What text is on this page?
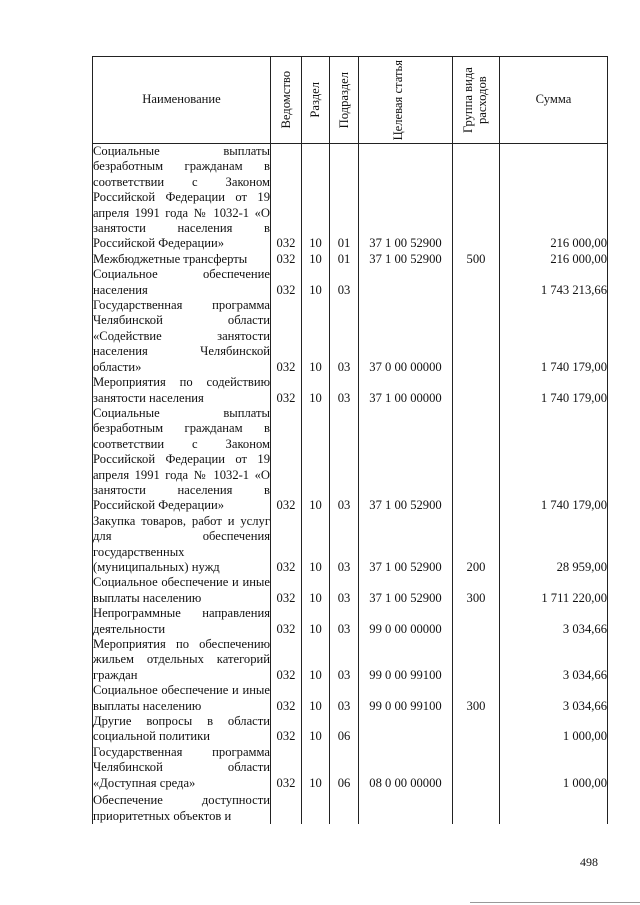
Наименование	Ведомство	Раздел	Подраздел	Целевая статья	Группа вида расходов	Сумма
Социальные выплаты безработным гражданам в соответствии с Законом Российской Федерации от 19 апреля 1991 года № 1032-1 «О занятости населения в Российской Федерации»	032	10	01	37 1 00 52900		216 000,00
Межбюджетные трансферты	032	10	01	37 1 00 52900	500	216 000,00
Социальное обеспечение населения	032	10	03			1 743 213,66
Государственная программа Челябинской области «Содействие занятости населения Челябинской области»	032	10	03	37 0 00 00000		1 740 179,00
Мероприятия по содействию занятости населения	032	10	03	37 1 00 00000		1 740 179,00
Социальные выплаты безработным гражданам в соответствии с Законом Российской Федерации от 19 апреля 1991 года № 1032-1 «О занятости населения в Российской Федерации»	032	10	03	37 1 00 52900		1 740 179,00
Закупка товаров, работ и услуг для обеспечения государственных (муниципальных) нужд	032	10	03	37 1 00 52900	200	28 959,00
Социальное обеспечение и иные выплаты населению	032	10	03	37 1 00 52900	300	1 711 220,00
Непрограммные направления деятельности	032	10	03	99 0 00 00000		3 034,66
Мероприятия по обеспечению жильем отдельных категорий граждан	032	10	03	99 0 00 99100		3 034,66
Социальное обеспечение и иные выплаты населению	032	10	03	99 0 00 99100	300	3 034,66
Другие вопросы в области социальной политики	032	10	06			1 000,00
Государственная программа Челябинской области «Доступная среда»	032	10	06	08 0 00 00000		1 000,00
Обеспечение доступности приоритетных объектов и						
498
